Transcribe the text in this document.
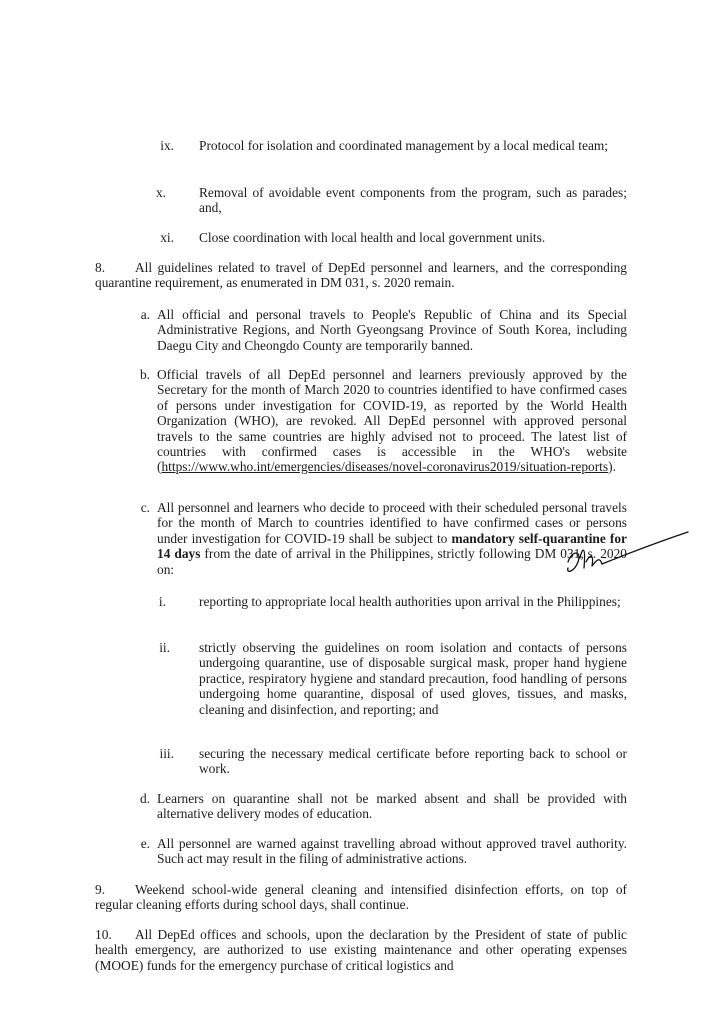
ix. Protocol for isolation and coordinated management by a local medical team;
x. Removal of avoidable event components from the program, such as parades; and,
xi. Close coordination with local health and local government units.
8.	All guidelines related to travel of DepEd personnel and learners, and the corresponding quarantine requirement, as enumerated in DM 031, s. 2020 remain.
a. All official and personal travels to People's Republic of China and its Special Administrative Regions, and North Gyeongsang Province of South Korea, including Daegu City and Cheongdo County are temporarily banned.
b. Official travels of all DepEd personnel and learners previously approved by the Secretary for the month of March 2020 to countries identified to have confirmed cases of persons under investigation for COVID-19, as reported by the World Health Organization (WHO), are revoked. All DepEd personnel with approved personal travels to the same countries are highly advised not to proceed. The latest list of countries with confirmed cases is accessible in the WHO's website (https://www.who.int/emergencies/diseases/novel-coronavirus2019/situation-reports).
c. All personnel and learners who decide to proceed with their scheduled personal travels for the month of March to countries identified to have confirmed cases or persons under investigation for COVID-19 shall be subject to mandatory self-quarantine for 14 days from the date of arrival in the Philippines, strictly following DM 031, s. 2020 on:
i. reporting to appropriate local health authorities upon arrival in the Philippines;
ii. strictly observing the guidelines on room isolation and contacts of persons undergoing quarantine, use of disposable surgical mask, proper hand hygiene practice, respiratory hygiene and standard precaution, food handling of persons undergoing home quarantine, disposal of used gloves, tissues, and masks, cleaning and disinfection, and reporting; and
iii. securing the necessary medical certificate before reporting back to school or work.
d. Learners on quarantine shall not be marked absent and shall be provided with alternative delivery modes of education.
e. All personnel are warned against travelling abroad without approved travel authority. Such act may result in the filing of administrative actions.
9.	Weekend school-wide general cleaning and intensified disinfection efforts, on top of regular cleaning efforts during school days, shall continue.
10.	All DepEd offices and schools, upon the declaration by the President of state of public health emergency, are authorized to use existing maintenance and other operating expenses (MOOE) funds for the emergency purchase of critical logistics and
